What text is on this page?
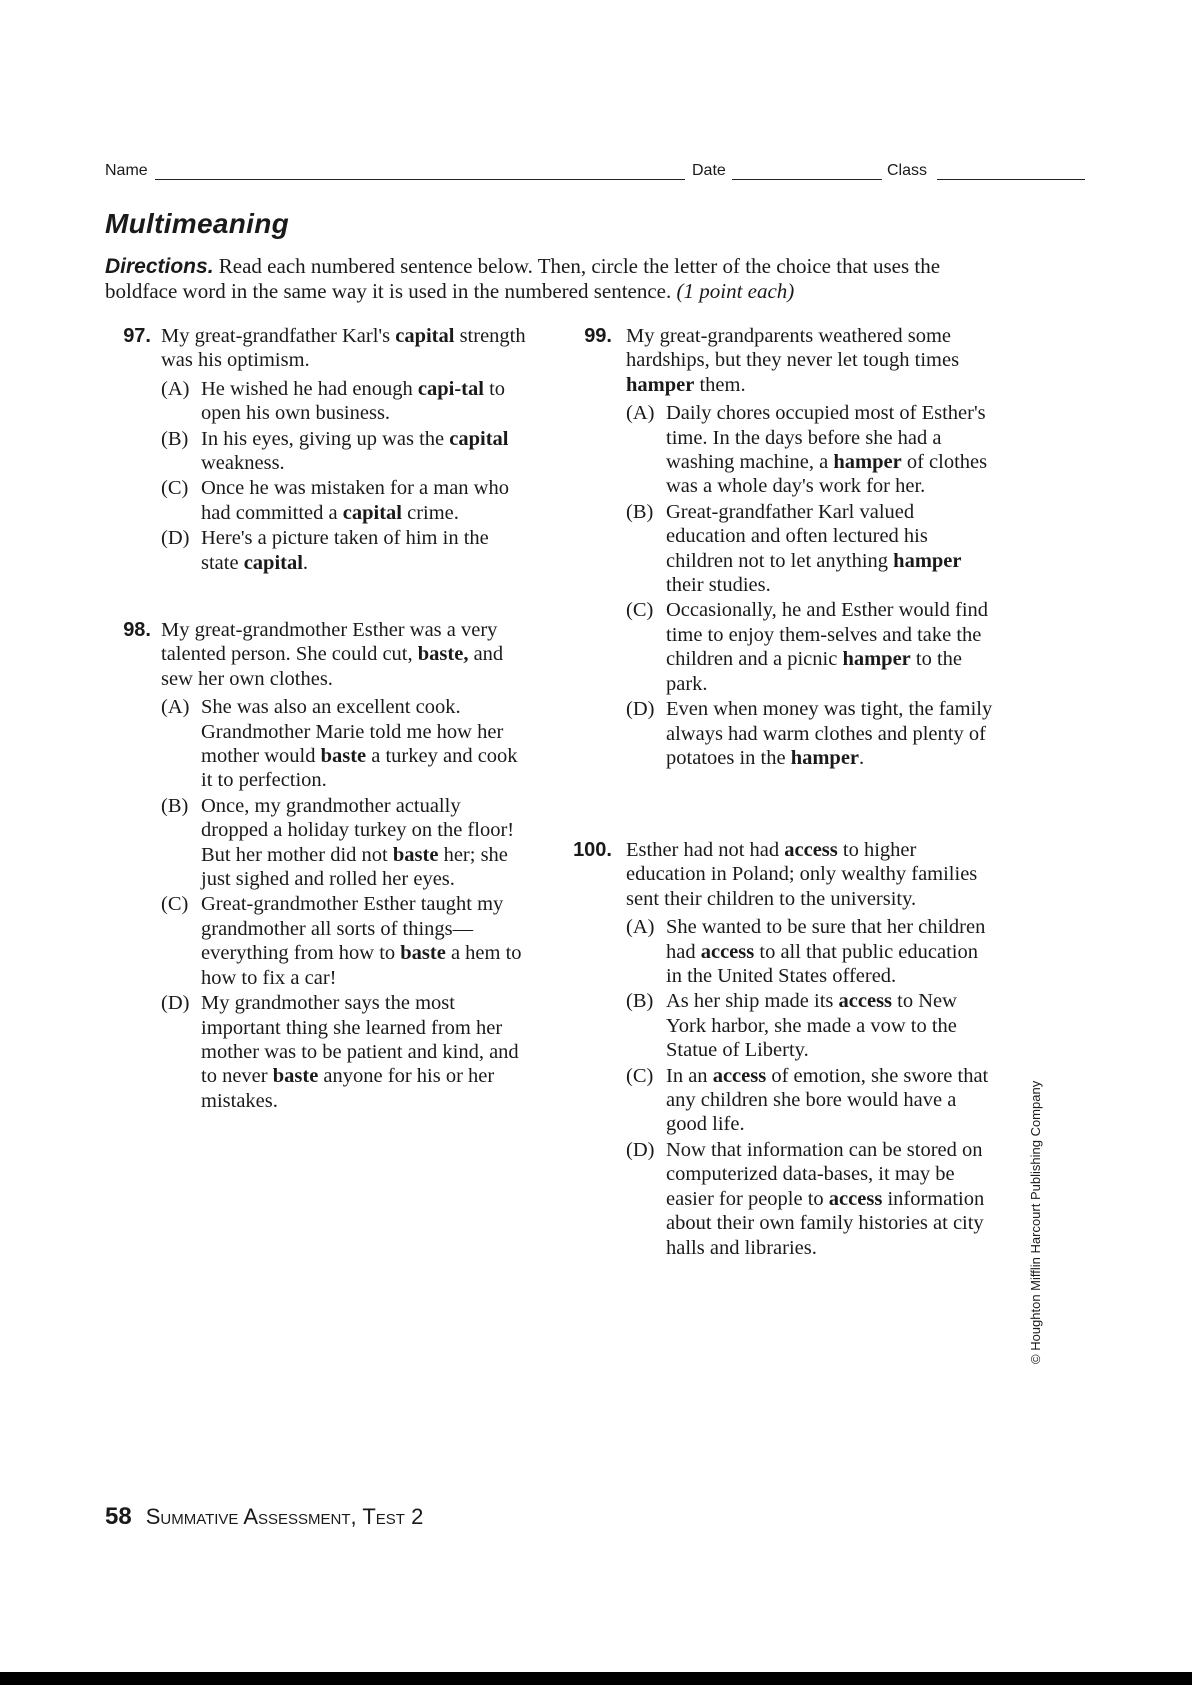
Name	Date	Class
Multimeaning
Directions. Read each numbered sentence below. Then, circle the letter of the choice that uses the boldface word in the same way it is used in the numbered sentence. (1 point each)
97. My great-grandfather Karl's capital strength was his optimism.

(A) He wished he had enough capi-tal to open his own business.
(B) In his eyes, giving up was the capital weakness.
(C) Once he was mistaken for a man who had committed a capital crime.
(D) Here's a picture taken of him in the state capital.
98. My great-grandmother Esther was a very talented person. She could cut, baste, and sew her own clothes.

(A) She was also an excellent cook. Grandmother Marie told me how her mother would baste a turkey and cook it to perfection.
(B) Once, my grandmother actually dropped a holiday turkey on the floor! But her mother did not baste her; she just sighed and rolled her eyes.
(C) Great-grandmother Esther taught my grandmother all sorts of things—everything from how to baste a hem to how to fix a car!
(D) My grandmother says the most important thing she learned from her mother was to be patient and kind, and to never baste anyone for his or her mistakes.
99. My great-grandparents weathered some hardships, but they never let tough times hamper them.

(A) Daily chores occupied most of Esther's time. In the days before she had a washing machine, a hamper of clothes was a whole day's work for her.
(B) Great-grandfather Karl valued education and often lectured his children not to let anything hamper their studies.
(C) Occasionally, he and Esther would find time to enjoy them-selves and take the children and a picnic hamper to the park.
(D) Even when money was tight, the family always had warm clothes and plenty of potatoes in the hamper.
100. Esther had not had access to higher education in Poland; only wealthy families sent their children to the university.

(A) She wanted to be sure that her children had access to all that public education in the United States offered.
(B) As her ship made its access to New York harbor, she made a vow to the Statue of Liberty.
(C) In an access of emotion, she swore that any children she bore would have a good life.
(D) Now that information can be stored on computerized data-bases, it may be easier for people to access information about their own family histories at city halls and libraries.
58 Summative Assessment, Test 2
© Houghton Mifflin Harcourt Publishing Company
